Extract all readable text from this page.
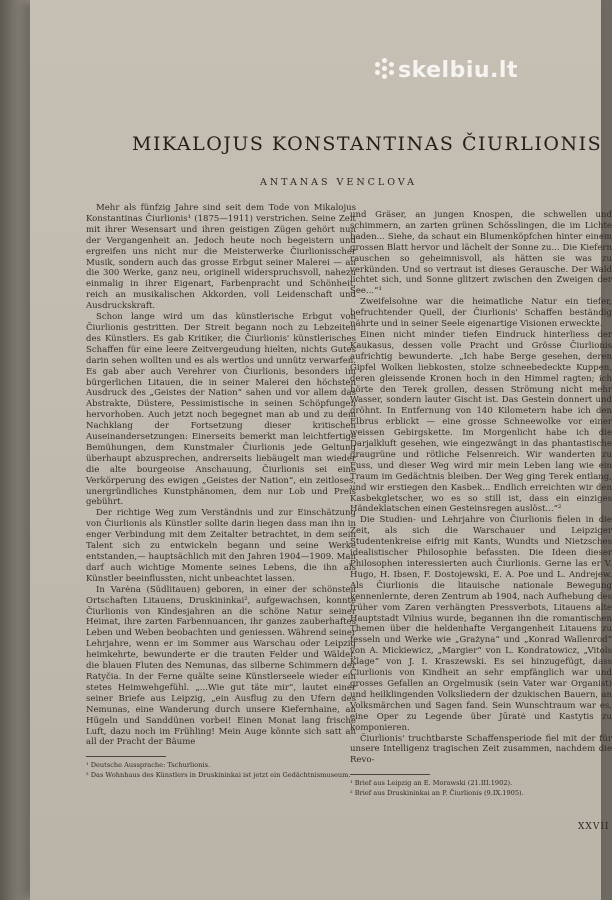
MIKALOJUS KONSTANTINAS ČIURLIONIS
ANTANAS VENCLOVA

Mehr als fünfzig Jahre sind seit dem Tode von Mikalojus Konstantinas Čiurlionis¹ (1875—1911) verstrichen. Seine Zeit mit ihrer Wesensart und ihren geistigen Zügen gehört nun der Vergangenheit an. Jedoch heute noch begeistern und ergreifen uns nicht nur die Meisterwerke Čiurlionisscher Musik, sondern auch das grosse Erbgut seiner Malerei — an die 300 Werke, ganz neu, originell widerspruchsvoll, nahezu einmalig in ihrer Eigenart, Farbenpracht und Schönheit, reich an musikalischen Akkorden, voll Leidenschaft und Ausdruckskraft.

Schon lange wird um das künstlerische Erbgut von Čiurlionis gestritten. Der Streit begann noch zu Lebzeiten des Künstlers. Es gab Kritiker, die Čiurlionis' künstlerisches Schaffen für eine leere Zeitvergeudung hielten, nichts Gutes darin sehen wollten und es als wertlos und unnütz verwarfen. Es gab aber auch Verehrer von Čiurlionis, besonders im bürgerlichen Litauen, die in seiner Malerei den höchsten Ausdruck des „Geistes der Nation“ sahen und vor allem das Abstrakte, Düstere, Pessimistische in seinen Schöpfungen hervorhoben. Auch jetzt noch begegnet man ab und zu dem Nachklang der Fortsetzung dieser kritischen Auseinandersetzungen: Einerseits bemerkt man leichtfertige Bemühungen, dem Kunstmaler Čiurlionis jede Geltung überhaupt abzusprechen, andrerseits liebäugelt man wieder die alte bourgeoise Anschauung, Čiurlionis sei eine Verkörperung des ewigen „Geistes der Nation“, ein zeitloses, unergründliches Kunstphänomen, dem nur Lob und Preis gebührt.

Der richtige Weg zum Verständnis und zur Einschätzung von Čiurlionis als Künstler sollte darin liegen dass man ihn in enger Verbindung mit dem Zeitalter betrachtet, in dem sein Talent sich zu entwickeln begann und seine Werke entstanden,— hauptsächlich mit den Jahren 1904—1909. Man darf auch wichtige Momente seines Lebens, die ihn als Künstler beeinflussten, nicht unbeachtet lassen.

In Varėna (Südlitauen) geboren, in einer der schönsten Ortschaften Litauens, Druskininkai², aufgewachsen, konnte Čiurlionis von Kindesjahren an die schöne Natur seiner Heimat, ihre zarten Farbennuancen, ihr ganzes zauberhaftes Leben und Weben beobachten und geniessen. Während seiner Lehrjahre, wenn er im Sommer aus Warschau oder Leipzig heimkehrte, bewunderte er die trauten Felder und Wälder, die blauen Fluten des Nemunas, das silberne Schimmern der Ratyčia. In der Ferne quälte seine Künstlerseele wieder ein stetes Heimwehgefühl. „...Wie gut täte mir“, lautet einer seiner Briefe aus Leipzig, „ein Ausflug zu den Ufern des Nemunas, eine Wanderung durch unsere Kiefernhaine, an Hügeln und Sanddünen vorbei! Einen Monat lang frische Luft, dazu noch im Frühling! Mein Auge könnte sich satt an all der Pracht der Bäume

¹ Deutsche Aussprache: Tschurlionis.

² Das Wohnhaus des Künstlers in Druskininkai ist jetzt ein Gedächtnismuseum.

und Gräser, an jungen Knospen, die schwellen und schimmern, an zarten grünen Schösslingen, die im Lichte baden... Siehe, da schaut ein Blumenköpfchen hinter einem grossen Blatt hervor und lächelt der Sonne zu... Die Kiefern rauschen so geheimnisvoll, als hätten sie was zu verkünden. Und so vertraut ist dieses Gerausche. Der Wald lichtet sich, und Sonne glitzert zwischen den Zweigen der See...“¹

Zweifelsohne war die heimatliche Natur ein tiefer, befruchtender Quell, der Čiurlionis' Schaffen beständig nährte und in seiner Seele eigenartige Visionen erweckte.

Einen nicht minder tiefen Eindruck hinterliess der Kaukasus, dessen volle Pracht und Grösse Čiurlionis aufrichtig bewunderte. „Ich habe Berge gesehen, deren Gipfel Wolken liebkosten, stolze schneebedeckte Kuppen, deren gleissende Kronen hoch in den Himmel ragten; ich hörte den Terek grollen, dessen Strömung nicht mehr Wasser, sondern lauter Gischt ist. Das Gestein donnert und dröhnt. In Entfernung von 140 Kilometern habe ich den Elbrus erblickt — eine grosse Schneewolke vor einer weissen Gebirgskette. Im Morgenlicht habe ich die Darjalkluft gesehen, wie eingezwängt in das phantastische graugrüne und rötliche Felsenreich. Wir wanderten zu Fuss, und dieser Weg wird mir mein Leben lang wie ein Traum im Gedächtnis bleiben. Der Weg ging Terek entlang, und wir erstiegen den Kasbek... Endlich erreichten wir den Kasbekgletscher, wo es so still ist, dass ein einziges Händeklatschen einen Gesteinsregen auslöst...“²

Die Studien- und Lehrjahre von Čiurlionis fielen in die Zeit, als sich die Warschauer und Leipziger Studentenkreise eifrig mit Kants, Wundts und Nietzsches idealistischer Philosophie befassten. Die Ideen dieser Philosophen interessierten auch Čiurlionis. Gerne las er V. Hugo, H. Ibsen, F. Dostojewski, E. A. Poe und L. Andrejew. Als Čiurlionis die litauische nationale Bewegung kennenlernte, deren Zentrum ab 1904, nach Aufhebung des früher vom Zaren verhängten Pressverbots, Litauens alte Hauptstadt Vilnius wurde, begannen ihn die romantischen Themen über die heldenhafte Vergangenheit Litauens zu fesseln und Werke wie „Grażyna“ und „Konrad Wallenrod“ von A. Mickiewicz, „Margier“ von L. Kondratowicz, „Vitols Klage“ von J. I. Kraszewski. Es sei hinzugefügt, dass Čiurlionis von Kindheit an sehr empfänglich war und grosses Gefallen an Orgelmusik (sein Vater war Organist) und heilklingenden Volksliedern der dzukischen Bauern, an Volksmärchen und Sagen fand. Sein Wunschtraum war es, eine Oper zu Legende über Jūratė und Kastytis zu komponieren.

Čiurlionis' truchtbarste Schaffensperiode fiel mit der für unsere Intelligenz tragischen Zeit zusammen, nachdem die Revo-

¹ Brief aus Leipzig an E. Morawski (21.III.1902).

² Brief aus Druskininkai an P. Čiurlionis (9.IX.1905).

XXVII
skelbiu.lt
